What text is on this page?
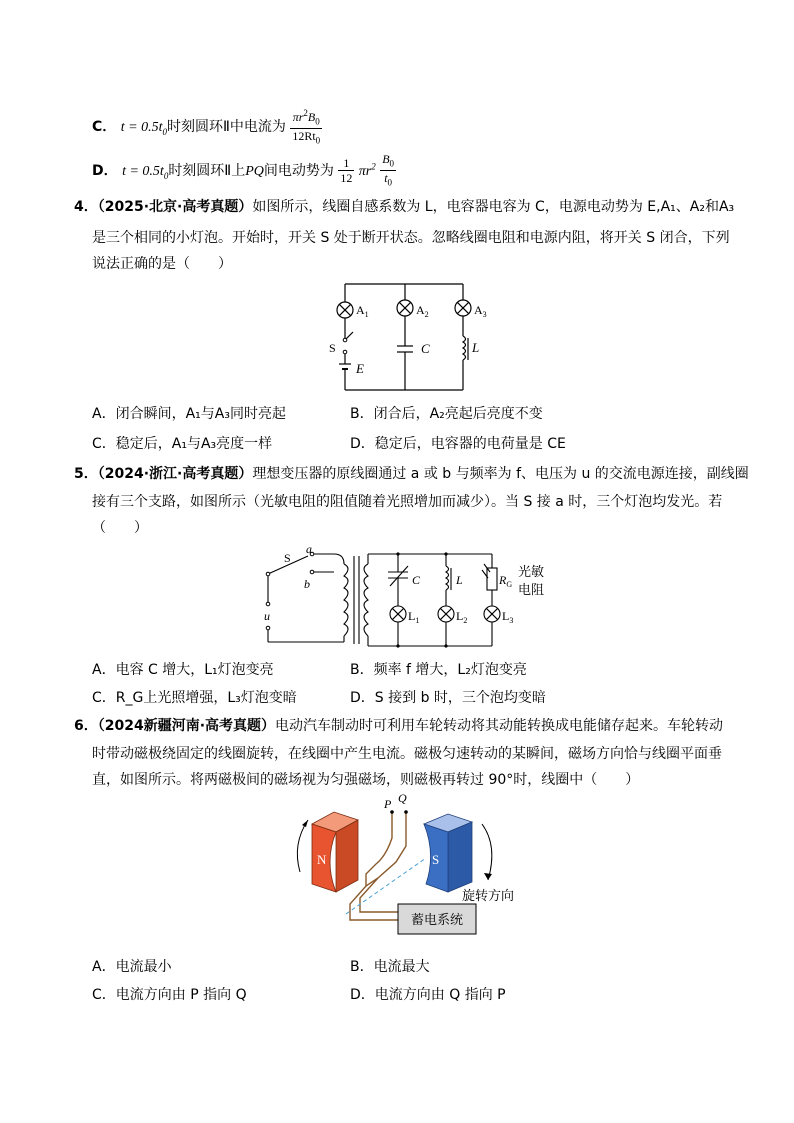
C． $t = 0.5t_0$时刻圆环Ⅱ中电流为 $\frac{\pi r^2B_0}{12Rt_0}$
D． $t = 0.5t_0$时刻圆环Ⅱ上PQ间电动势为 $\frac{1}{12} \pi r^2 \frac{B_0}{t_0}$
4．（2025·北京·高考真题）如图所示，线圈自感系数为 L，电容器电容为 C，电源电动势为 E,A₁、A₂和A₃
是三个相同的小灯泡。开始时，开关 S 处于断开状态。忽略线圈电阻和电源内阻，将开关 S 闭合，下列
说法正确的是（　　）
$A_1$	$A_2$	$A_3$
S
E
C	L
A．闭合瞬间，A₁与A₃同时亮起	B．闭合后，A₂亮起后亮度不变
C．稳定后，A₁与A₃亮度一样	D．稳定后，电容器的电荷量是 CE
5．（2024·浙江·高考真题）理想变压器的原线圈通过 a 或 b 与频率为 f、电压为 u 的交流电源连接，副线圈
接有三个支路，如图所示（光敏电阻的阻值随着光照增加而减少）。当 S 接 a 时，三个灯泡均发光。若
（　　）
S
a
b
u
C	L	$R_G$
$L_1$	$L_2$	$L_3$
光敏
电阻
A．电容 C 增大，L₁灯泡变亮	B．频率 f 增大，L₂灯泡变亮
C．R_G上光照增强，L₃灯泡变暗	D．S 接到 b 时，三个泡均变暗
6．（2024新疆河南·高考真题）电动汽车制动时可利用车轮转动将其动能转换成电能储存起来。车轮转动
时带动磁极绕固定的线圈旋转，在线圈中产生电流。磁极匀速转动的某瞬间，磁场方向恰与线圈平面垂
直，如图所示。将两磁极间的磁场视为匀强磁场，则磁极再转过 90°时，线圈中（　　）
N	S
P Q
蓄电系统
旋转方向
A．电流最小	B．电流最大
C．电流方向由 P 指向 Q	D．电流方向由 Q 指向 P
